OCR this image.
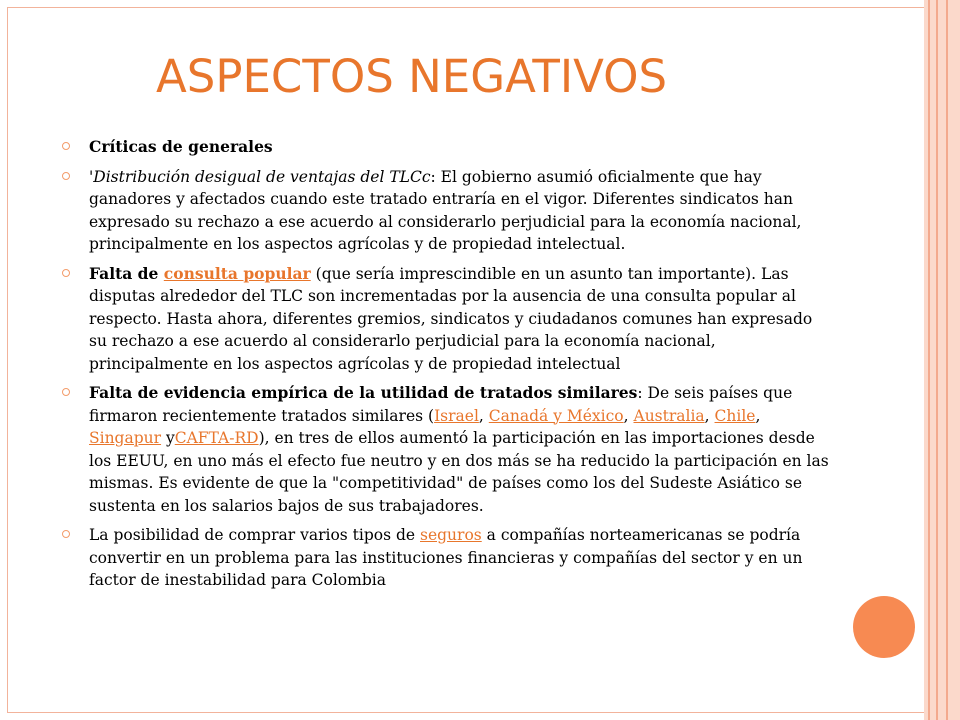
ASPECTOS NEGATIVOS

Críticas de generales

'Distribución desigual de ventajas del TLCc: El gobierno asumió oficialmente que hay ganadores y afectados cuando este tratado entraría en el vigor. Diferentes sindicatos han expresado su rechazo a ese acuerdo al considerarlo perjudicial para la economía nacional, principalmente en los aspectos agrícolas y de propiedad intelectual.

Falta de consulta popular (que sería imprescindible en un asunto tan importante). Las disputas alrededor del TLC son incrementadas por la ausencia de una consulta popular al respecto. Hasta ahora, diferentes gremios, sindicatos y ciudadanos comunes han expresado su rechazo a ese acuerdo al considerarlo perjudicial para la economía nacional, principalmente en los aspectos agrícolas y de propiedad intelectual

Falta de evidencia empírica de la utilidad de tratados similares: De seis países que firmaron recientemente tratados similares (Israel, Canadá y México, Australia, Chile, Singapur yCAFTA-RD), en tres de ellos aumentó la participación en las importaciones desde los EEUU, en uno más el efecto fue neutro y en dos más se ha reducido la participación en las mismas. Es evidente de que la "competitividad" de países como los del Sudeste Asiático se sustenta en los salarios bajos de sus trabajadores.

La posibilidad de comprar varios tipos de seguros a compañías norteamericanas se podría convertir en un problema para las instituciones financieras y compañías del sector y en un factor de inestabilidad para Colombia
